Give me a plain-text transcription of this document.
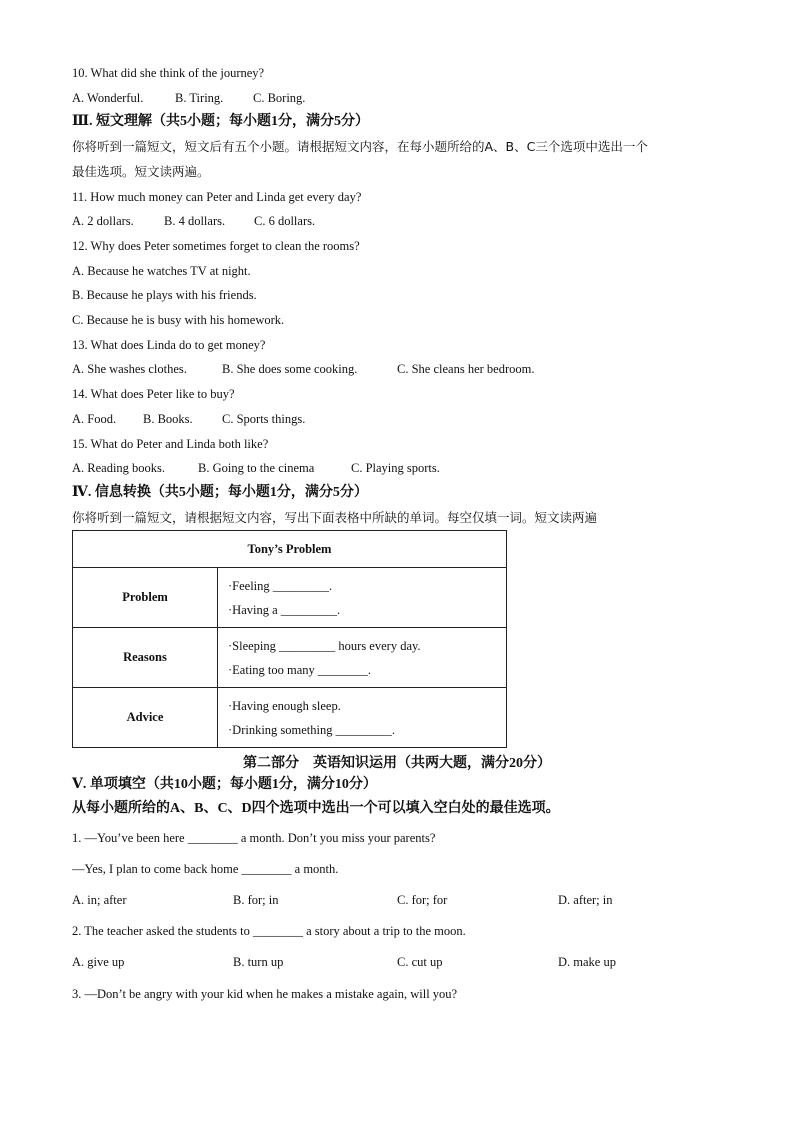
10. What did she think of the journey?
A. Wonderful.	B. Tiring. C. Boring.
Ⅲ. 短文理解（共5小题；每小题1分，满分5分）
你将听到一篇短文，短文后有五个小题。请根据短文内容，在每小题所给的A、B、C三个选项中选出一个
最佳选项。短文读两遍。
11. How much money can Peter and Linda get every day?
A. 2 dollars. B. 4 dollars. C. 6 dollars.
12. Why does Peter sometimes forget to clean the rooms?
A. Because he watches TV at night.
B. Because he plays with his friends.
C. Because he is busy with his homework.
13. What does Linda do to get money?
A. She washes clothes.	B. She does some cooking.	C. She cleans her bedroom.
14. What does Peter like to buy?
A. Food. B. Books. C. Sports things.
15. What do Peter and Linda both like?
A. Reading books.	B. Going to the cinema	C. Playing sports.
Ⅳ. 信息转换（共5小题；每小题1分，满分5分）
你将听到一篇短文，请根据短文内容，写出下面表格中所缺的单词。每空仅填一词。短文读两遍
Tony’s Problem	
Problem	·Feeling _________.
·Having a _________.

Reasons	·Sleeping _________ hours every day.
·Eating too many ________.

Advice	·Having enough sleep.
·Drinking something _________.
第二部分　英语知识运用（共两大题，满分20分）
Ⅴ. 单项填空（共10小题；每小题1分，满分10分）
从每小题所给的A、B、C、D四个选项中选出一个可以填入空白处的最佳选项。
1. —You’ve been here ________ a month. Don’t you miss your parents?
—Yes, I plan to come back home ________ a month.
A. in; after	B. for; in	C. for; for	D. after; in
2. The teacher asked the students to ________ a story about a trip to the moon.
A. give up	B. turn up	C. cut up	D. make up
3. —Don’t be angry with your kid when he makes a mistake again, will you?
